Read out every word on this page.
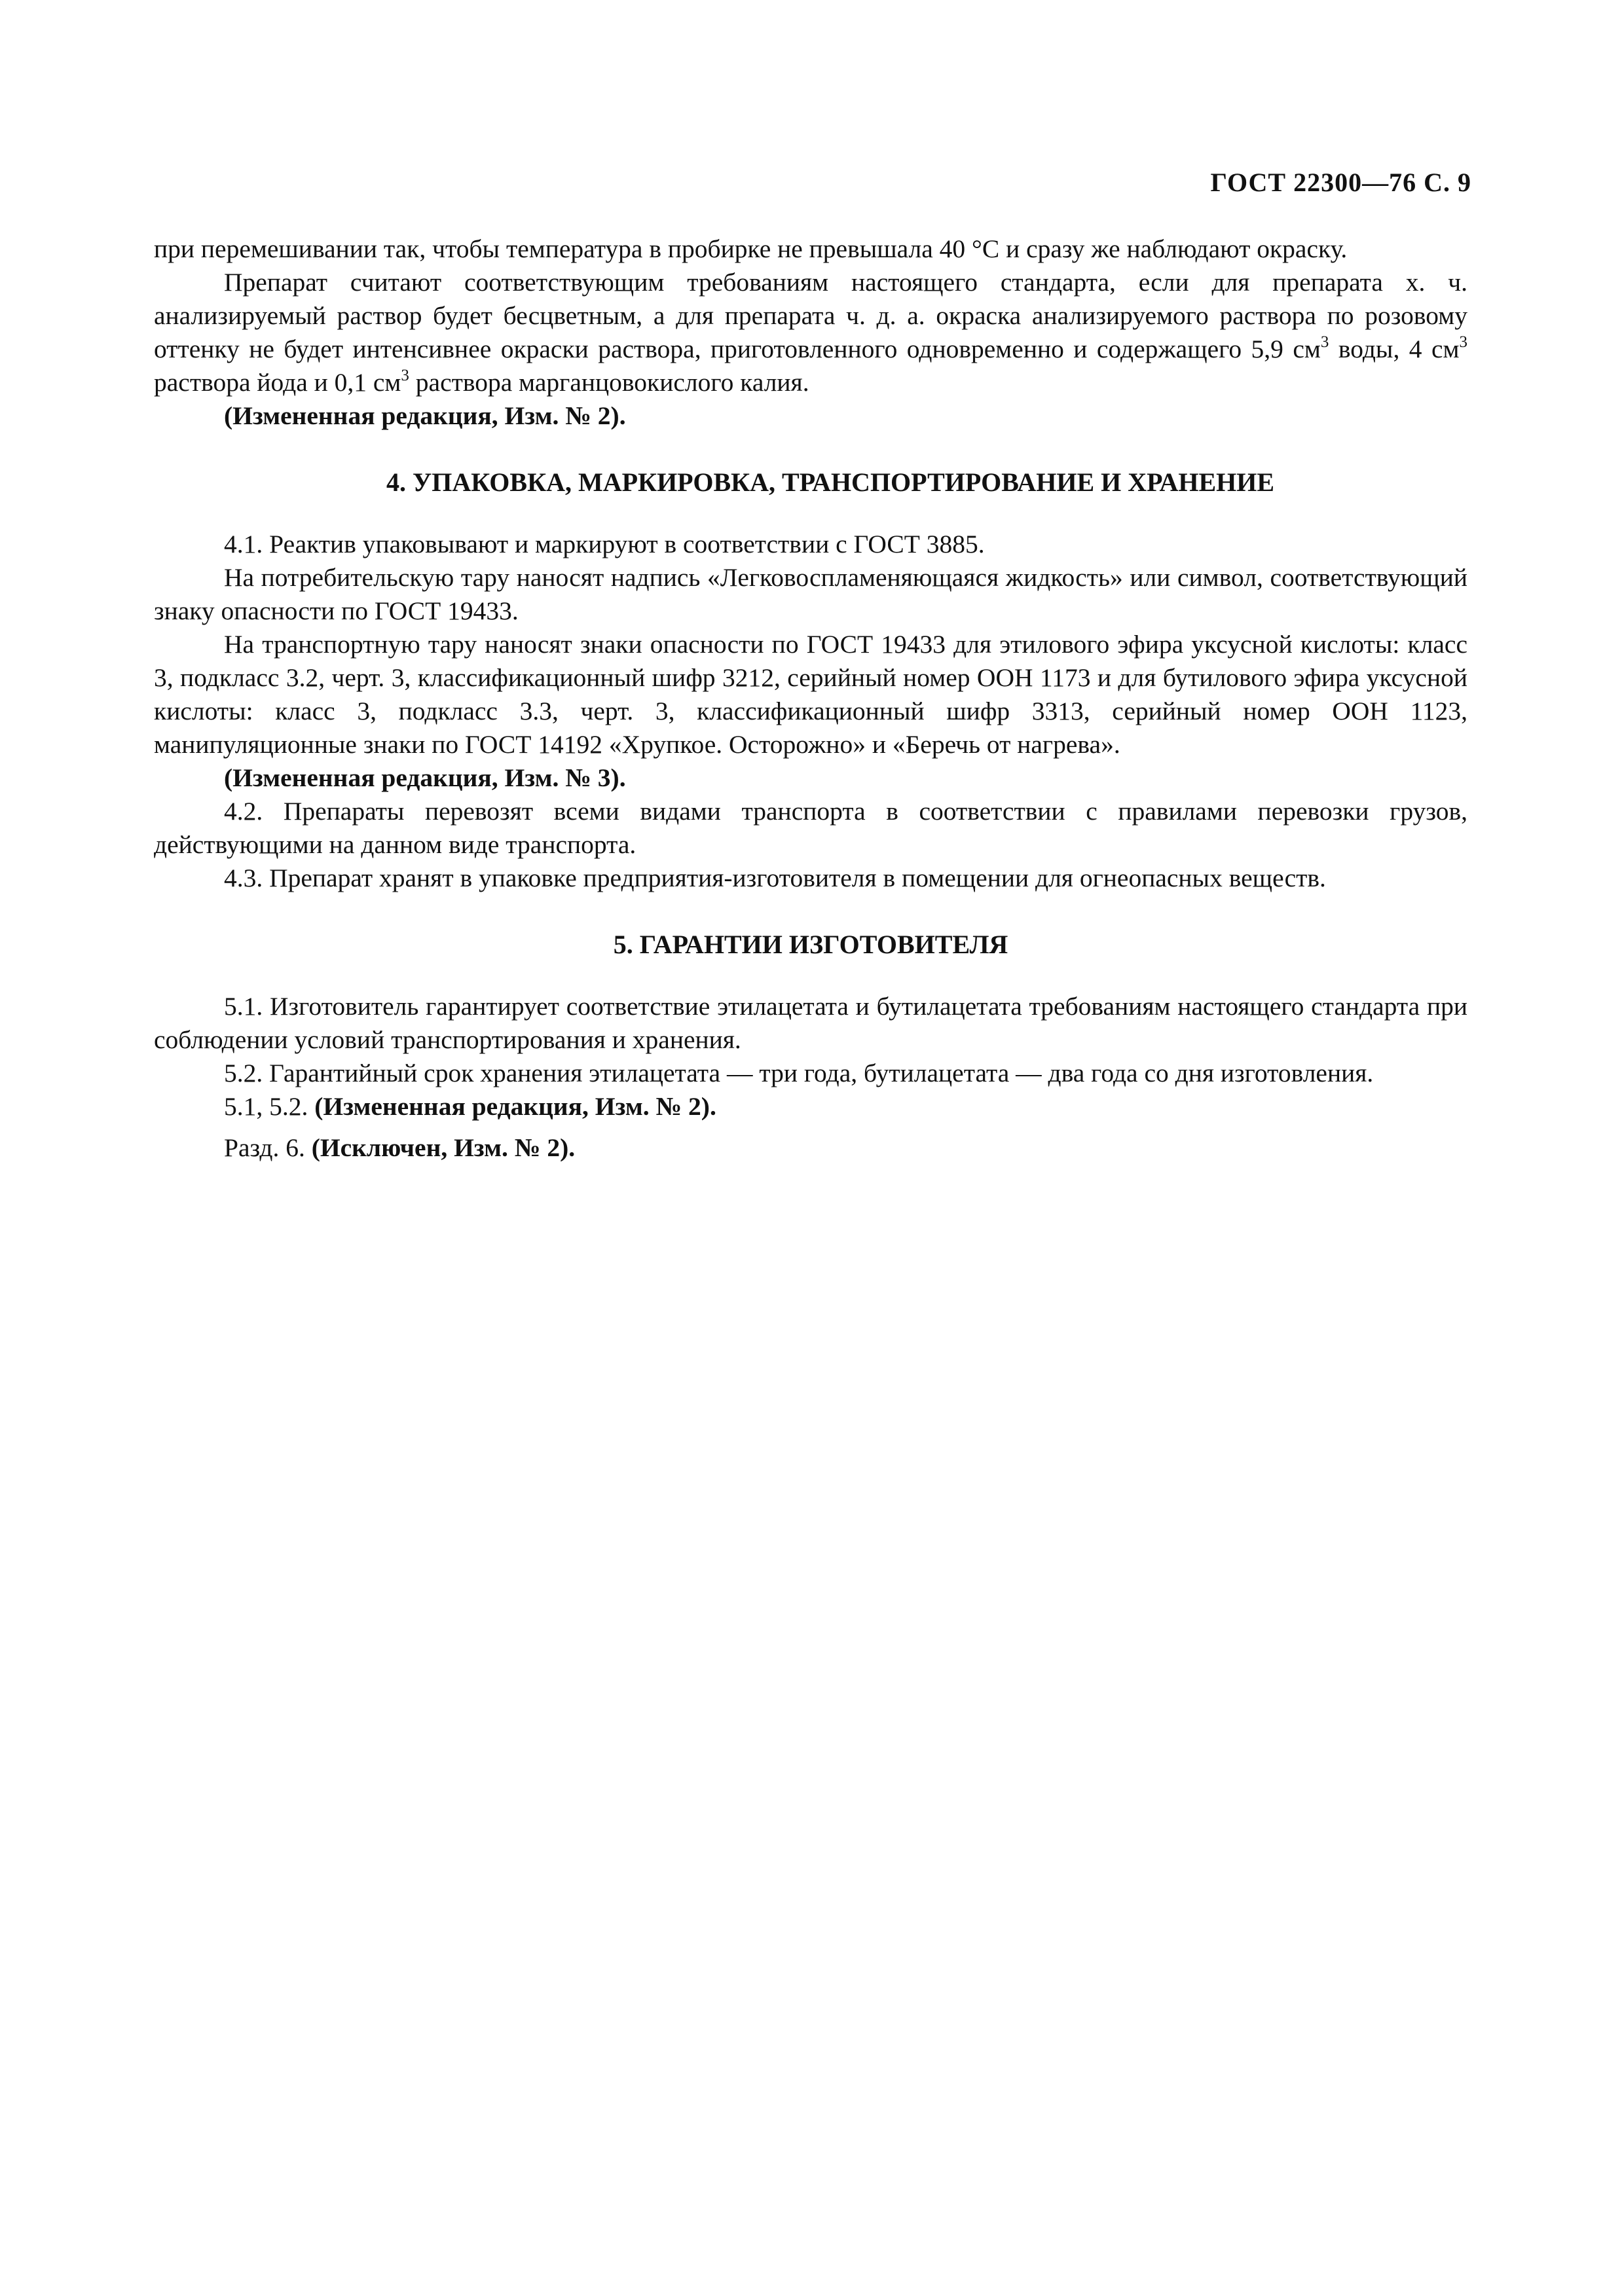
ГОСТ 22300—76 С. 9

при перемешивании так, чтобы температура в пробирке не превышала 40 °С и сразу же наблюдают окраску.

Препарат считают соответствующим требованиям настоящего стандарта, если для препарата х. ч. анализируемый раствор будет бесцветным, а для препарата ч. д. а. окраска анализируемого раствора по розовому оттенку не будет интенсивнее окраски раствора, приготовленного одновременно и содержащего 5,9 $см^3$ воды, 4 $см^3$ раствора йода и 0,1 $см^3$ раствора марганцовокислого калия.

(Измененная редакция, Изм. № 2).

4. УПАКОВКА, МАРКИРОВКА, ТРАНСПОРТИРОВАНИЕ И ХРАНЕНИЕ

4.1. Реактив упаковывают и маркируют в соответствии с ГОСТ 3885.

На потребительскую тару наносят надпись «Легковоспламеняющаяся жидкость» или символ, соответствующий знаку опасности по ГОСТ 19433.

На транспортную тару наносят знаки опасности по ГОСТ 19433 для этилового эфира уксусной кислоты: класс 3, подкласс 3.2, черт. 3, классификационный шифр 3212, серийный номер ООН 1173 и для бутилового эфира уксусной кислоты: класс 3, подкласс 3.3, черт. 3, классификационный шифр 3313, серийный номер ООН 1123, манипуляционные знаки по ГОСТ 14192 «Хрупкое. Осторожно» и «Беречь от нагрева».

(Измененная редакция, Изм. № 3).

4.2. Препараты перевозят всеми видами транспорта в соответствии с правилами перевозки грузов, действующими на данном виде транспорта.

4.3. Препарат хранят в упаковке предприятия-изготовителя в помещении для огнеопасных веществ.

5. ГАРАНТИИ ИЗГОТОВИТЕЛЯ

5.1. Изготовитель гарантирует соответствие этилацетата и бутилацетата требованиям настоящего стандарта при соблюдении условий транспортирования и хранения.

5.2. Гарантийный срок хранения этилацетата — три года, бутилацетата — два года со дня изготовления.

5.1, 5.2. (Измененная редакция, Изм. № 2).

Разд. 6. (Исключен, Изм. № 2).
